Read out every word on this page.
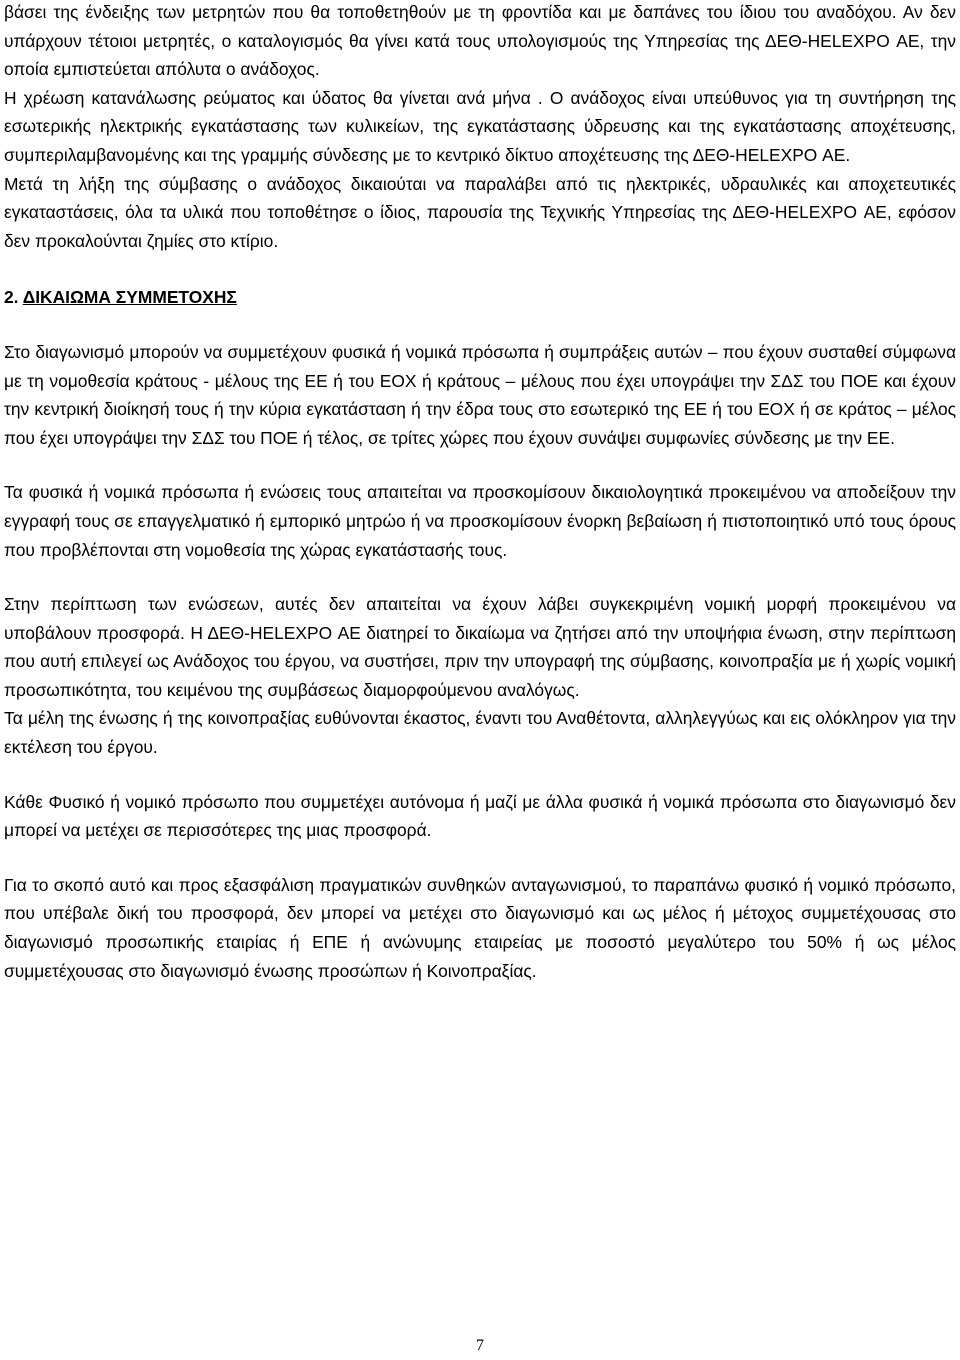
βάσει της ένδειξης των μετρητών που θα τοποθετηθούν με τη φροντίδα και με δαπάνες του ίδιου του αναδόχου. Αν δεν υπάρχουν τέτοιοι μετρητές, ο καταλογισμός θα γίνει κατά τους υπολογισμούς της Υπηρεσίας της ΔΕΘ-HELEXPO ΑΕ, την οποία εμπιστεύεται απόλυτα ο ανάδοχος.

Η χρέωση κατανάλωσης ρεύματος και ύδατος θα γίνεται ανά μήνα . Ο ανάδοχος είναι υπεύθυνος για τη συντήρηση της εσωτερικής ηλεκτρικής εγκατάστασης των κυλικείων, της εγκατάστασης ύδρευσης και της εγκατάστασης αποχέτευσης, συμπεριλαμβανομένης και της γραμμής σύνδεσης με το κεντρικό δίκτυο αποχέτευσης της ΔΕΘ-HELEXPO ΑΕ.

Μετά τη λήξη της σύμβασης ο ανάδοχος δικαιούται να παραλάβει από τις ηλεκτρικές, υδραυλικές και αποχετευτικές εγκαταστάσεις, όλα τα υλικά που τοποθέτησε ο ίδιος, παρουσία της Τεχνικής Υπηρεσίας της ΔΕΘ-HELEXPO ΑΕ, εφόσον δεν προκαλούνται ζημίες στο κτίριο.

2. ΔΙΚΑΙΩΜΑ ΣΥΜΜΕΤΟΧΗΣ

Στο διαγωνισμό μπορούν να συμμετέχουν φυσικά ή νομικά πρόσωπα ή συμπράξεις αυτών – που έχουν συσταθεί σύμφωνα με τη νομοθεσία κράτους - μέλους της ΕΕ ή του ΕΟΧ ή κράτους – μέλους που έχει υπογράψει την ΣΔΣ του ΠΟΕ και έχουν την κεντρική διοίκησή τους ή την κύρια εγκατάσταση ή την έδρα τους στο εσωτερικό της ΕΕ ή του ΕΟΧ ή σε κράτος – μέλος που έχει υπογράψει την ΣΔΣ του ΠΟΕ ή τέλος, σε τρίτες χώρες που έχουν συνάψει συμφωνίες σύνδεσης με την ΕΕ.

Τα φυσικά ή νομικά πρόσωπα ή ενώσεις τους απαιτείται να προσκομίσουν δικαιολογητικά προκειμένου να αποδείξουν την εγγραφή τους σε επαγγελματικό ή εμπορικό μητρώο ή να προσκομίσουν ένορκη βεβαίωση ή πιστοποιητικό υπό τους όρους που προβλέπονται στη νομοθεσία της χώρας εγκατάστασής τους.

Στην περίπτωση των ενώσεων, αυτές δεν απαιτείται να έχουν λάβει συγκεκριμένη νομική μορφή προκειμένου να υποβάλουν προσφορά. Η ΔΕΘ-HELEXPO ΑΕ διατηρεί το δικαίωμα να ζητήσει από την υποψήφια ένωση, στην περίπτωση που αυτή επιλεγεί ως Ανάδοχος του έργου, να συστήσει, πριν την υπογραφή της σύμβασης, κοινοπραξία με ή χωρίς νομική προσωπικότητα, του κειμένου της συμβάσεως διαμορφούμενου αναλόγως.

Τα μέλη της ένωσης ή της κοινοπραξίας ευθύνονται έκαστος, έναντι του Αναθέτοντα, αλληλεγγύως και εις ολόκληρον για την εκτέλεση του έργου.

Κάθε Φυσικό ή νομικό πρόσωπο που συμμετέχει αυτόνομα ή μαζί με άλλα φυσικά ή νομικά πρόσωπα στο διαγωνισμό δεν μπορεί να μετέχει σε περισσότερες της μιας προσφορά.

Για το σκοπό αυτό και προς εξασφάλιση πραγματικών συνθηκών ανταγωνισμού, το παραπάνω φυσικό ή νομικό πρόσωπο, που υπέβαλε δική του προσφορά, δεν μπορεί να μετέχει στο διαγωνισμό και ως μέλος ή μέτοχος συμμετέχουσας στο διαγωνισμό προσωπικής εταιρίας ή ΕΠΕ ή ανώνυμης εταιρείας με ποσοστό μεγαλύτερο του 50% ή ως μέλος συμμετέχουσας στο διαγωνισμό ένωσης προσώπων ή Κοινοπραξίας.

7
